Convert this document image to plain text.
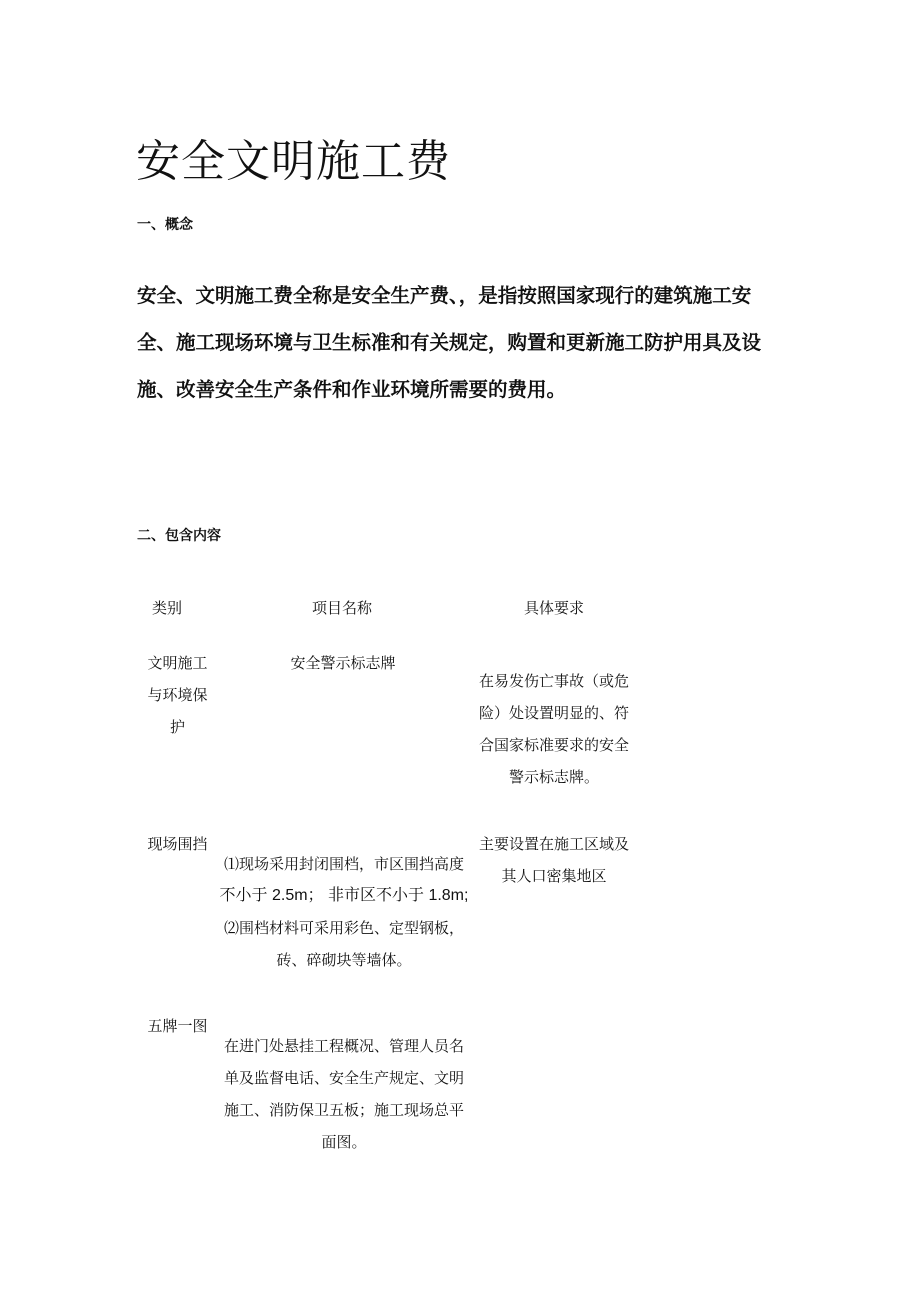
安全文明施工费
一、概念
安全、文明施工费全称是安全生产费、，是指按照国家现行的建筑施工安
全、施工现场环境与卫生标准和有关规定，购置和更新施工防护用具及设
施、改善安全生产条件和作业环境所需要的费用。
二、包含内容
类别	项目名称	具体要求
文明施工
与环境保
护
安全警示标志牌
在易发伤亡事故（或危
险）处设置明显的、符
合国家标准要求的安全
警示标志牌。
现场围挡
⑴现场采用封闭围档，市区围挡高度
不小于 2.5m； 非市区不小于 1.8m;
⑵围档材料可采用彩色、定型钢板，
砖、碎砌块等墙体。
主要设置在施工区域及
其人口密集地区
五牌一图
在进门处悬挂工程概况、管理人员名
单及监督电话、安全生产规定、文明
施工、消防保卫五板；施工现场总平
面图。
